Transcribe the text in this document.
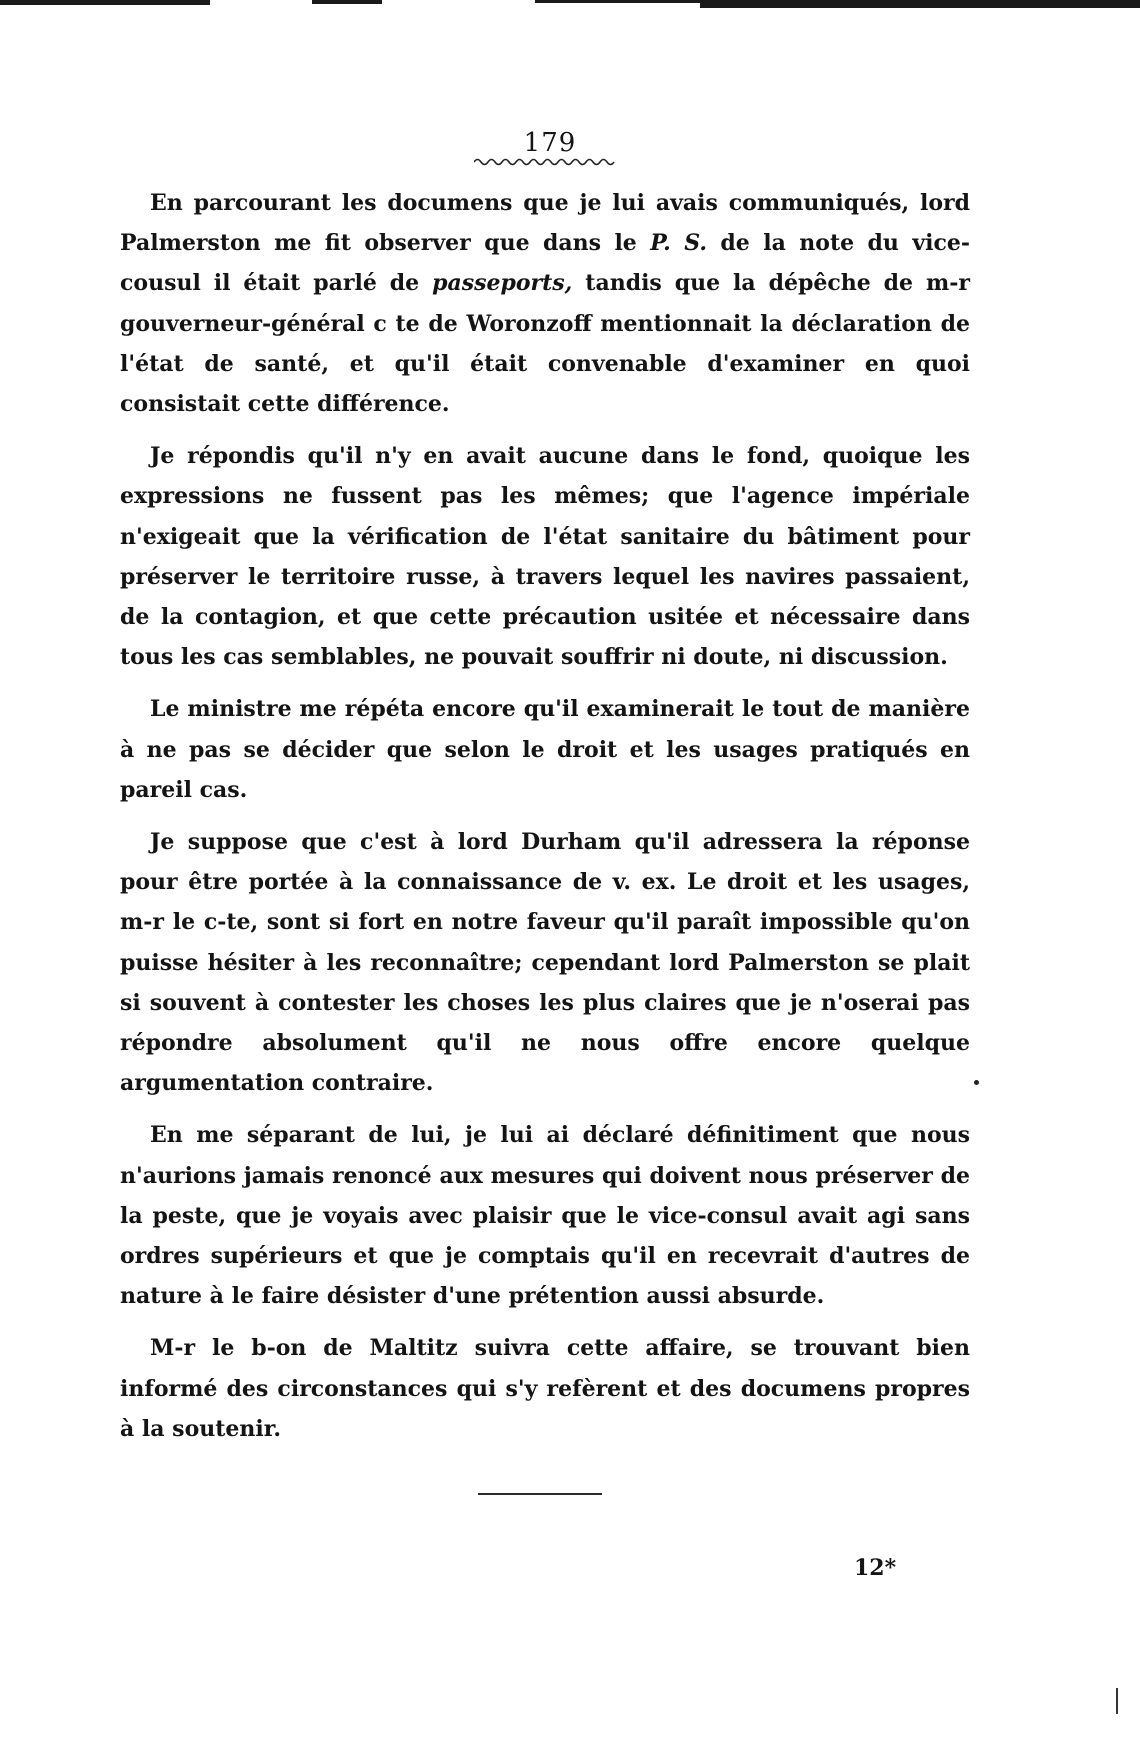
179

En parcourant les documens que je lui avais communiqués, lord Palmerston me fit observer que dans le P. S. de la note du vice-cousul il était parlé de passeports, tandis que la dépêche de m-r gouverneur-général c te de Woronzoff mentionnait la déclaration de l'état de santé, et qu'il était convenable d'examiner en quoi consistait cette différence.

Je répondis qu'il n'y en avait aucune dans le fond, quoique les expressions ne fussent pas les mêmes; que l'agence impériale n'exigeait que la vérification de l'état sanitaire du bâtiment pour préserver le territoire russe, à travers lequel les navires passaient, de la contagion, et que cette précaution usitée et nécessaire dans tous les cas semblables, ne pouvait souffrir ni doute, ni discussion.

Le ministre me répéta encore qu'il examinerait le tout de manière à ne pas se décider que selon le droit et les usages pratiqués en pareil cas.

Je suppose que c'est à lord Durham qu'il adressera la réponse pour être portée à la connaissance de v. ex. Le droit et les usages, m-r le c-te, sont si fort en notre faveur qu'il paraît impossible qu'on puisse hésiter à les reconnaître; cependant lord Palmerston se plait si souvent à contester les choses les plus claires que je n'oserai pas répondre absolument qu'il ne nous offre encore quelque argumentation contraire.

En me séparant de lui, je lui ai déclaré définitiment que nous n'aurions jamais renoncé aux mesures qui doivent nous préserver de la peste, que je voyais avec plaisir que le vice-consul avait agi sans ordres supérieurs et que je comptais qu'il en recevrait d'autres de nature à le faire désister d'une prétention aussi absurde.

M-r le b-on de Maltitz suivra cette affaire, se trouvant bien informé des circonstances qui s'y refèrent et des documens propres à la soutenir.

12*
